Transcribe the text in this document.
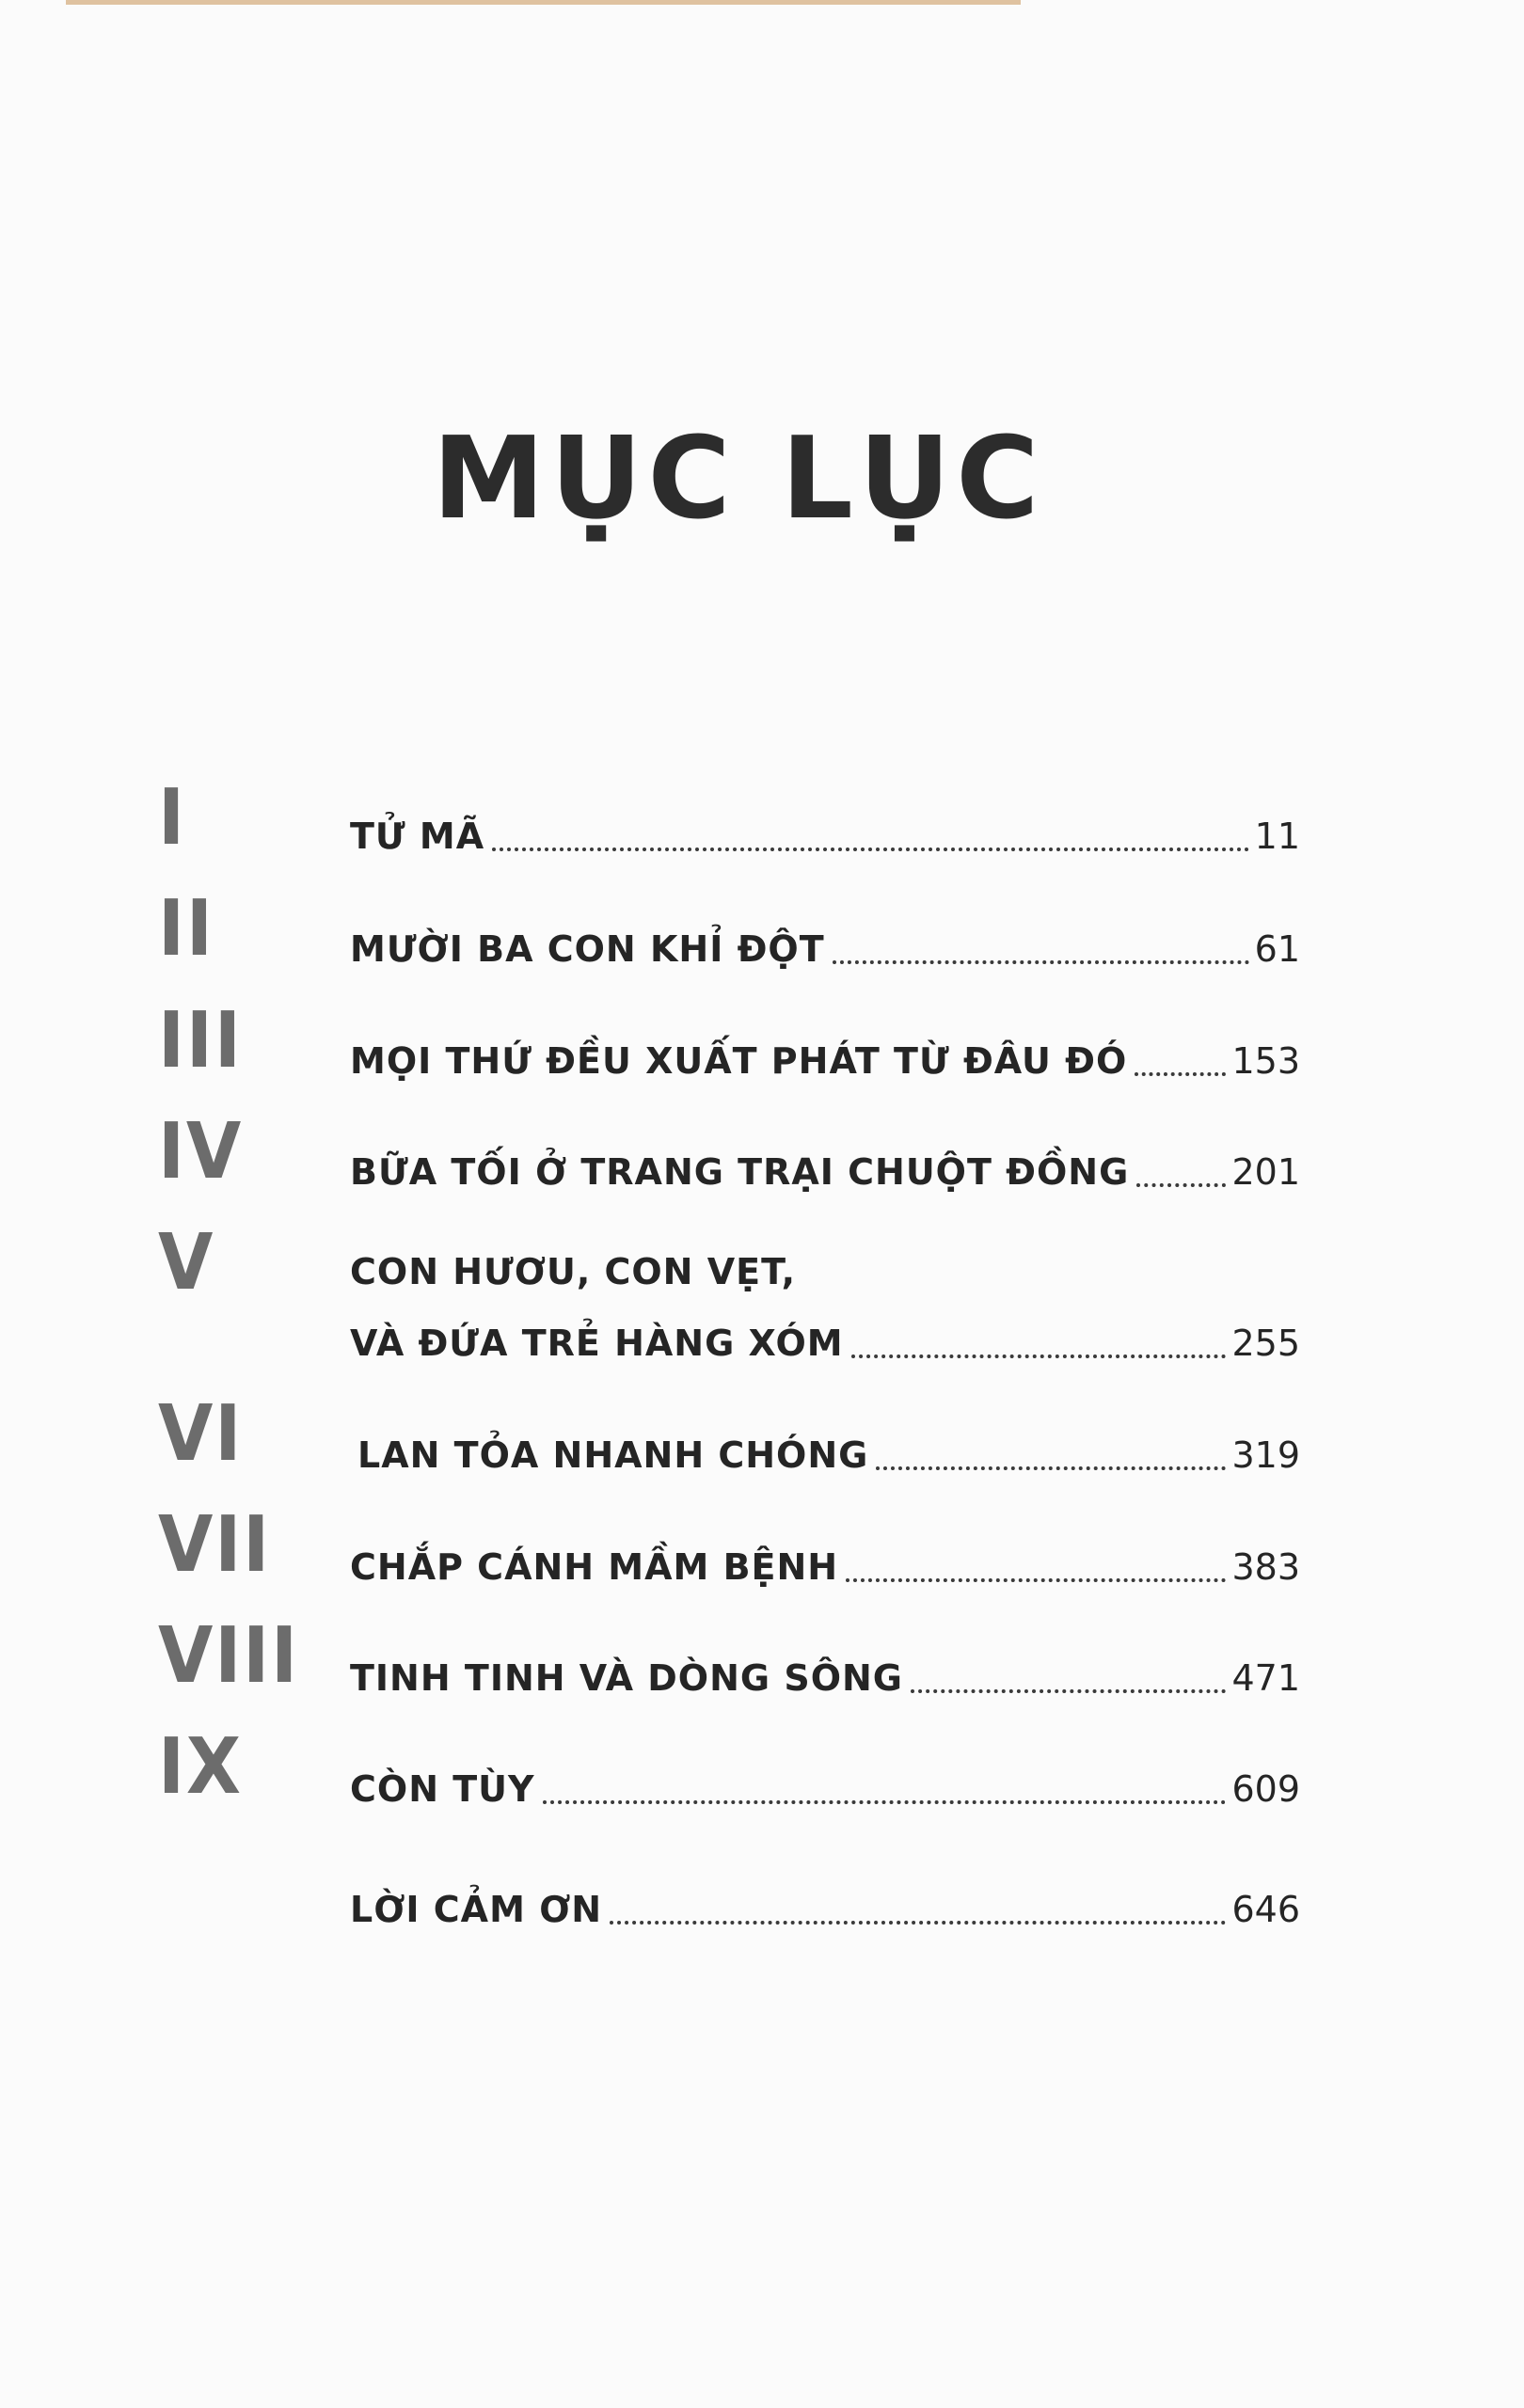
MỤC LỤC
I	TỬ MÃ	11
II	MƯỜI BA CON KHỈ ĐỘT	61
III	MỌI THỨ ĐỀU XUẤT PHÁT TỪ ĐÂU ĐÓ	153
IV	BỮA TỐI Ở TRANG TRẠI CHUỘT ĐỒNG	201
V	CON HƯƠU, CON VẸT,
VÀ ĐỨA TRẺ HÀNG XÓM	255
VI	LAN TỎA NHANH CHÓNG	319
VII CHẮP CÁNH MẦM BỆNH	383
VIII TINH TINH VÀ DÒNG SÔNG	471
IX	CÒN TÙY	609
LỜI CẢM ƠN	646
